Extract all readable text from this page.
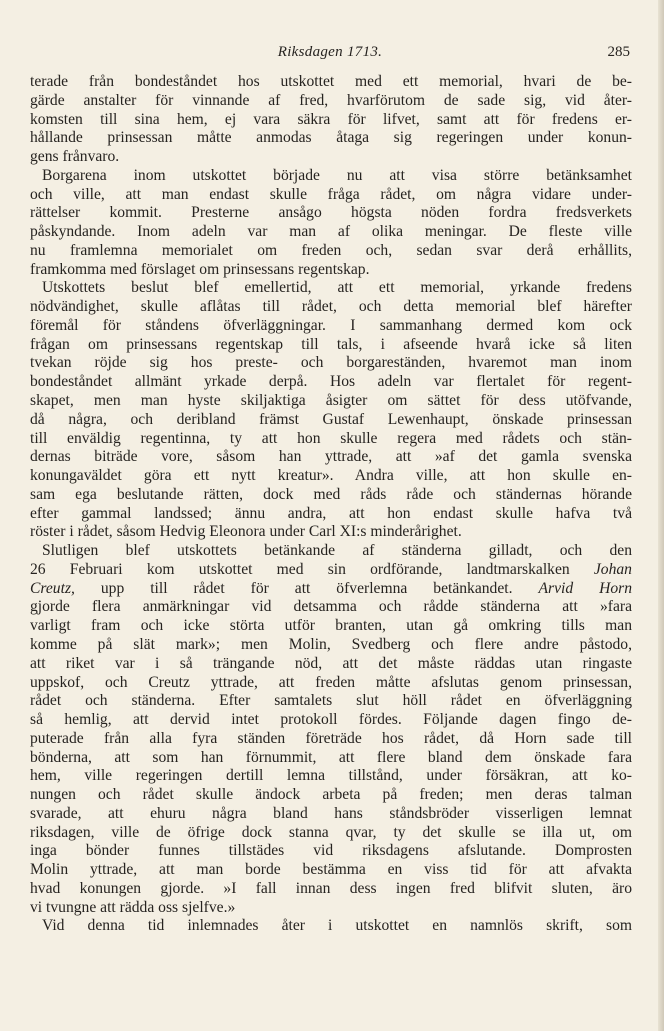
Riksdagen 1713.	285
terade från bondeståndet hos utskottet med ett memorial, hvari de be-
gärde anstalter för vinnande af fred, hvarförutom de sade sig, vid åter-
komsten till sina hem, ej vara säkra för lifvet, samt att för fredens er-
hållande prinsessan måtte anmodas åtaga sig regeringen under konun-
gens frånvaro.
Borgarena inom utskottet började nu att visa större betänksamhet
och ville, att man endast skulle fråga rådet, om några vidare under-
rättelser kommit. Presterne ansågo högsta nöden fordra fredsverkets
påskyndande. Inom adeln var man af olika meningar. De fleste ville
nu framlemna memorialet om freden och, sedan svar derå erhållits,
framkomma med förslaget om prinsessans regentskap.
Utskottets beslut blef emellertid, att ett memorial, yrkande fredens
nödvändighet, skulle aflåtas till rådet, och detta memorial blef härefter
föremål för ståndens öfverläggningar. I sammanhang dermed kom ock
frågan om prinsessans regentskap till tals, i afseende hvarå icke så liten
tvekan röjde sig hos preste- och borgareständen, hvaremot man inom
bondeståndet allmänt yrkade derpå. Hos adeln var flertalet för regent-
skapet, men man hyste skiljaktiga åsigter om sättet för dess utöfvande,
då några, och deribland främst Gustaf Lewenhaupt, önskade prinsessan
till enväldig regentinna, ty att hon skulle regera med rådets och stän-
dernas biträde vore, såsom han yttrade, att »af det gamla svenska
konungaväldet göra ett nytt kreatur». Andra ville, att hon skulle en-
sam ega beslutande rätten, dock med råds råde och ständernas hörande
efter gammal landssed; ännu andra, att hon endast skulle hafva två
röster i rådet, såsom Hedvig Eleonora under Carl XI:s minderårighet.
Slutligen blef utskottets betänkande af ständerna gilladt, och den
26 Februari kom utskottet med sin ordförande, landtmarskalken Johan
Creutz, upp till rådet för att öfverlemna betänkandet. Arvid Horn
gjorde flera anmärkningar vid detsamma och rådde ständerna att »fara
varligt fram och icke störta utför branten, utan gå omkring tills man
komme på slät mark»; men Molin, Svedberg och flere andre påstodo,
att riket var i så trängande nöd, att det måste räddas utan ringaste
uppskof, och Creutz yttrade, att freden måtte afslutas genom prinsessan,
rådet och ständerna. Efter samtalets slut höll rådet en öfverläggning
så hemlig, att dervid intet protokoll fördes. Följande dagen fingo de-
puterade från alla fyra ständen företräde hos rådet, då Horn sade till
bönderna, att som han förnummit, att flere bland dem önskade fara
hem, ville regeringen dertill lemna tillstånd, under försäkran, att ko-
nungen och rådet skulle ändock arbeta på freden; men deras talman
svarade, att ehuru några bland hans ståndsbröder visserligen lemnat
riksdagen, ville de öfrige dock stanna qvar, ty det skulle se illa ut, om
inga bönder funnes tillstädes vid riksdagens afslutande. Domprosten
Molin yttrade, att man borde bestämma en viss tid för att afvakta
hvad konungen gjorde. »I fall innan dess ingen fred blifvit sluten, äro
vi tvungne att rädda oss sjelfve.»
Vid denna tid inlemnades åter i utskottet en namnlös skrift, som
